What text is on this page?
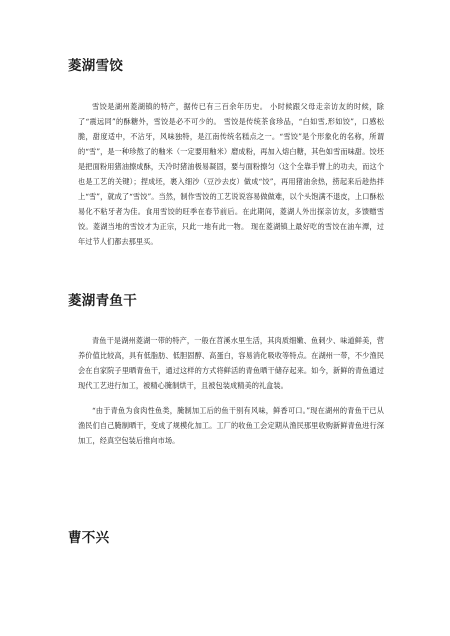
菱湖雪饺

雪饺是湖州菱湖镇的特产，据传已有三百余年历史。 小时候跟父母走亲访友的时候，除了“震远同”的酥糖外，雪饺是必不可少的。 雪饺是传统茶食珍品，“白如雪,形如饺”，口感松脆，甜度适中，不沾牙，风味独特，是江南传统名糕点之一。“雪饺”是个形象化的名称，所谓的“雪”，是一种珍熬了的釉米（一定要用釉米）磨成粉，再加入熔白糖，其色如雪而味甜。饺坯是把面粉用猪油擦成酥，天冷时猪油极易凝固，要与面粉擦匀（这个全靠手臂上的功夫，而这个也是工艺的关键）；捏成坯，裹入细沙（豆沙去皮）做成“饺”，再用猪油余热，捞起来后趁热拌上“雪”，就成了“雪饺”。当然，制作雪饺的工艺说说容易做做难，以个头饱满不退皮，上口酥松易化不粘牙者为佳。食用雪饺的旺季在春节前后。在此期间，菱湖人外出探亲访友，多馈赠雪饺。菱湖当地的雪饺才为正宗，只此一地有此一物。 现在菱湖镇上最好吃的雪饺在油车潭，过年过节人们都去那里买。

菱湖青鱼干

青鱼干是湖州菱湖一带的特产，一般在苕溪水里生活，其肉质细嫩、鱼刺少、味道鲜美，营养价值比较高，具有低脂肪、低胆固醇、高蛋白，容易消化吸收等特点。在湖州一带，不少渔民会在自家院子里晒青鱼干，通过这样的方式将鲜活的青鱼晒干储存起来。如今，新鲜的青鱼通过现代工艺进行加工，被精心腌制烘干，且被包装成精美的礼盒装。

“由于青鱼为食肉性鱼类，腌制加工后的鱼干别有风味，鲜香可口。”现在湖州的青鱼干已从渔民们自己腌制晒干，变成了规模化加工。工厂的收鱼工会定期从渔民那里收购新鲜青鱼进行深加工，经真空包装后推向市场。

曹不兴
